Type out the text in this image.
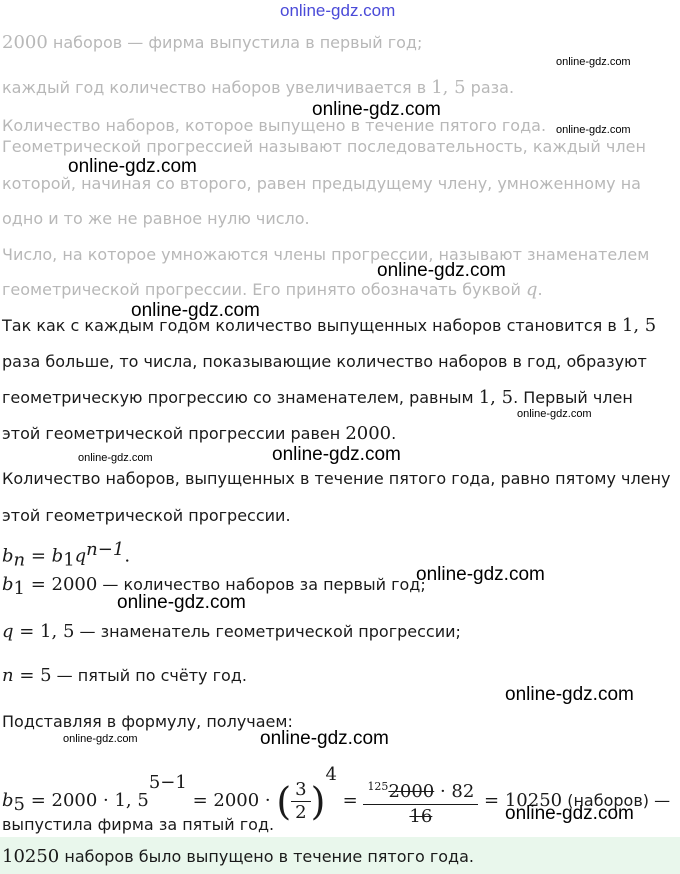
online-gdz.com
2000 наборов — фирма выпустила в первый год;
каждый год количество наборов увеличивается в 1, 5 раза.
Количество наборов, которое выпущено в течение пятого года.
Геометрической прогрессией называют последовательность, каждый член
которой, начиная со второго, равен предыдущему члену, умноженному на
одно и то же не равное нулю число.
Число, на которое умножаются члены прогрессии, называют знаменателем
геометрической прогрессии. Его принято обозначать буквой q.
Так как с каждым годом количество выпущенных наборов становится в 1, 5
раза больше, то числа, показывающие количество наборов в год, образуют
геометрическую прогрессию со знаменателем, равным 1, 5. Первый член
этой геометрической прогрессии равен 2000.
Количество наборов, выпущенных в течение пятого года, равно пятому члену
этой геометрической прогрессии.
$b_n = b_1q^{n-1}$.
$b_1 = 2000$ — количество наборов за первый год;
q = 1, 5 — знаменатель геометрической прогрессии;
n = 5 — пятый по счёту год.
Подставляя в формулу, получаем:
$b_5 = 2000 \cdot 1$, $5^{5-1} = 2000$ · ( $\frac{3}{2} )^4 = \frac{^{125}2000 \cdot 82}{16} = 10250$ (наборов) —
выпустила фирма за пятый год.
10250 наборов было выпущено в течение пятого года.
online-gdz.com
online-gdz.com
online-gdz.com
online-gdz.com
online-gdz.com
online-gdz.com
online-gdz.com
online-gdz.com
online-gdz.com
online-gdz.com
online-gdz.com
online-gdz.com
online-gdz.com	online-gdz.com
online-gdz.com
